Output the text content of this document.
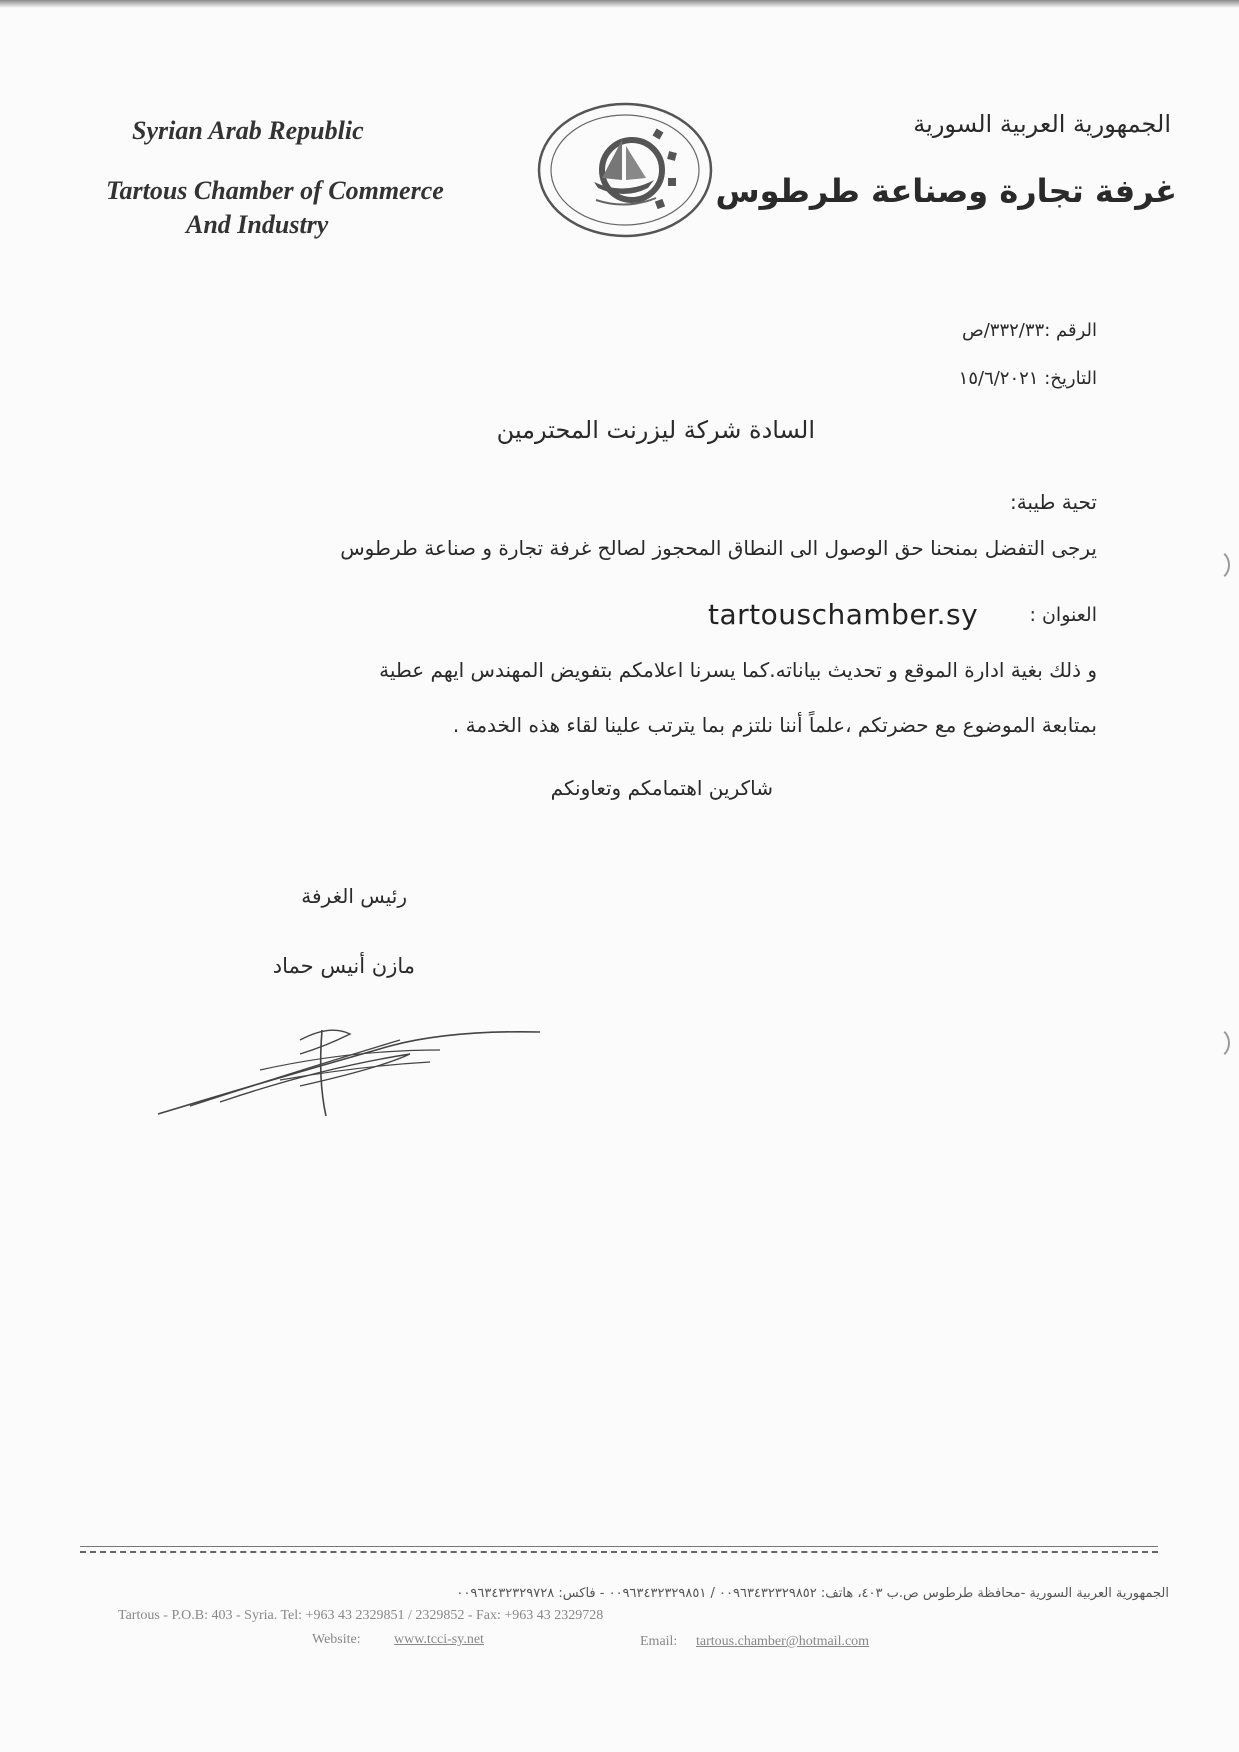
Syrian Arab Republic
Tartous Chamber of Commerce
And Industry
الجمهورية العربية السورية
غرفة تجارة وصناعة طرطوس
الرقم :٣٣٢/٣٣/ص
التاريخ: ١٥/٦/٢٠٢١
السادة شركة ليزرنت المحترمين
تحية طيبة:
يرجى التفضل بمنحنا حق الوصول الى النطاق المحجوز لصالح غرفة تجارة و صناعة طرطوس
العنوان :
tartouschamber.sy
و ذلك بغية ادارة الموقع و تحديث بياناته.كما يسرنا اعلامكم بتفويض المهندس ايهم عطية
بمتابعة الموضوع مع حضرتكم ،علماً أننا نلتزم بما يترتب علينا لقاء هذه الخدمة .
شاكرين اهتمامكم وتعاونكم
رئيس الغرفة
مازن أنيس حماد
الجمهورية العربية السورية -محافظة طرطوس ص.ب ٤٠٣، هاتف: ٠٠٩٦٣٤٣٢٣٢٩٨٥٢ / ٠٠٩٦٣٤٣٢٣٢٩٨٥١ - فاكس: ٠٠٩٦٣٤٣٢٣٢٩٧٢٨
Tartous - P.O.B: 403 - Syria. Tel: +963 43 2329851 / 2329852 - Fax: +963 43 2329728
Website: www.tcci-sy.net	Email: tartous.chamber@hotmail.com
